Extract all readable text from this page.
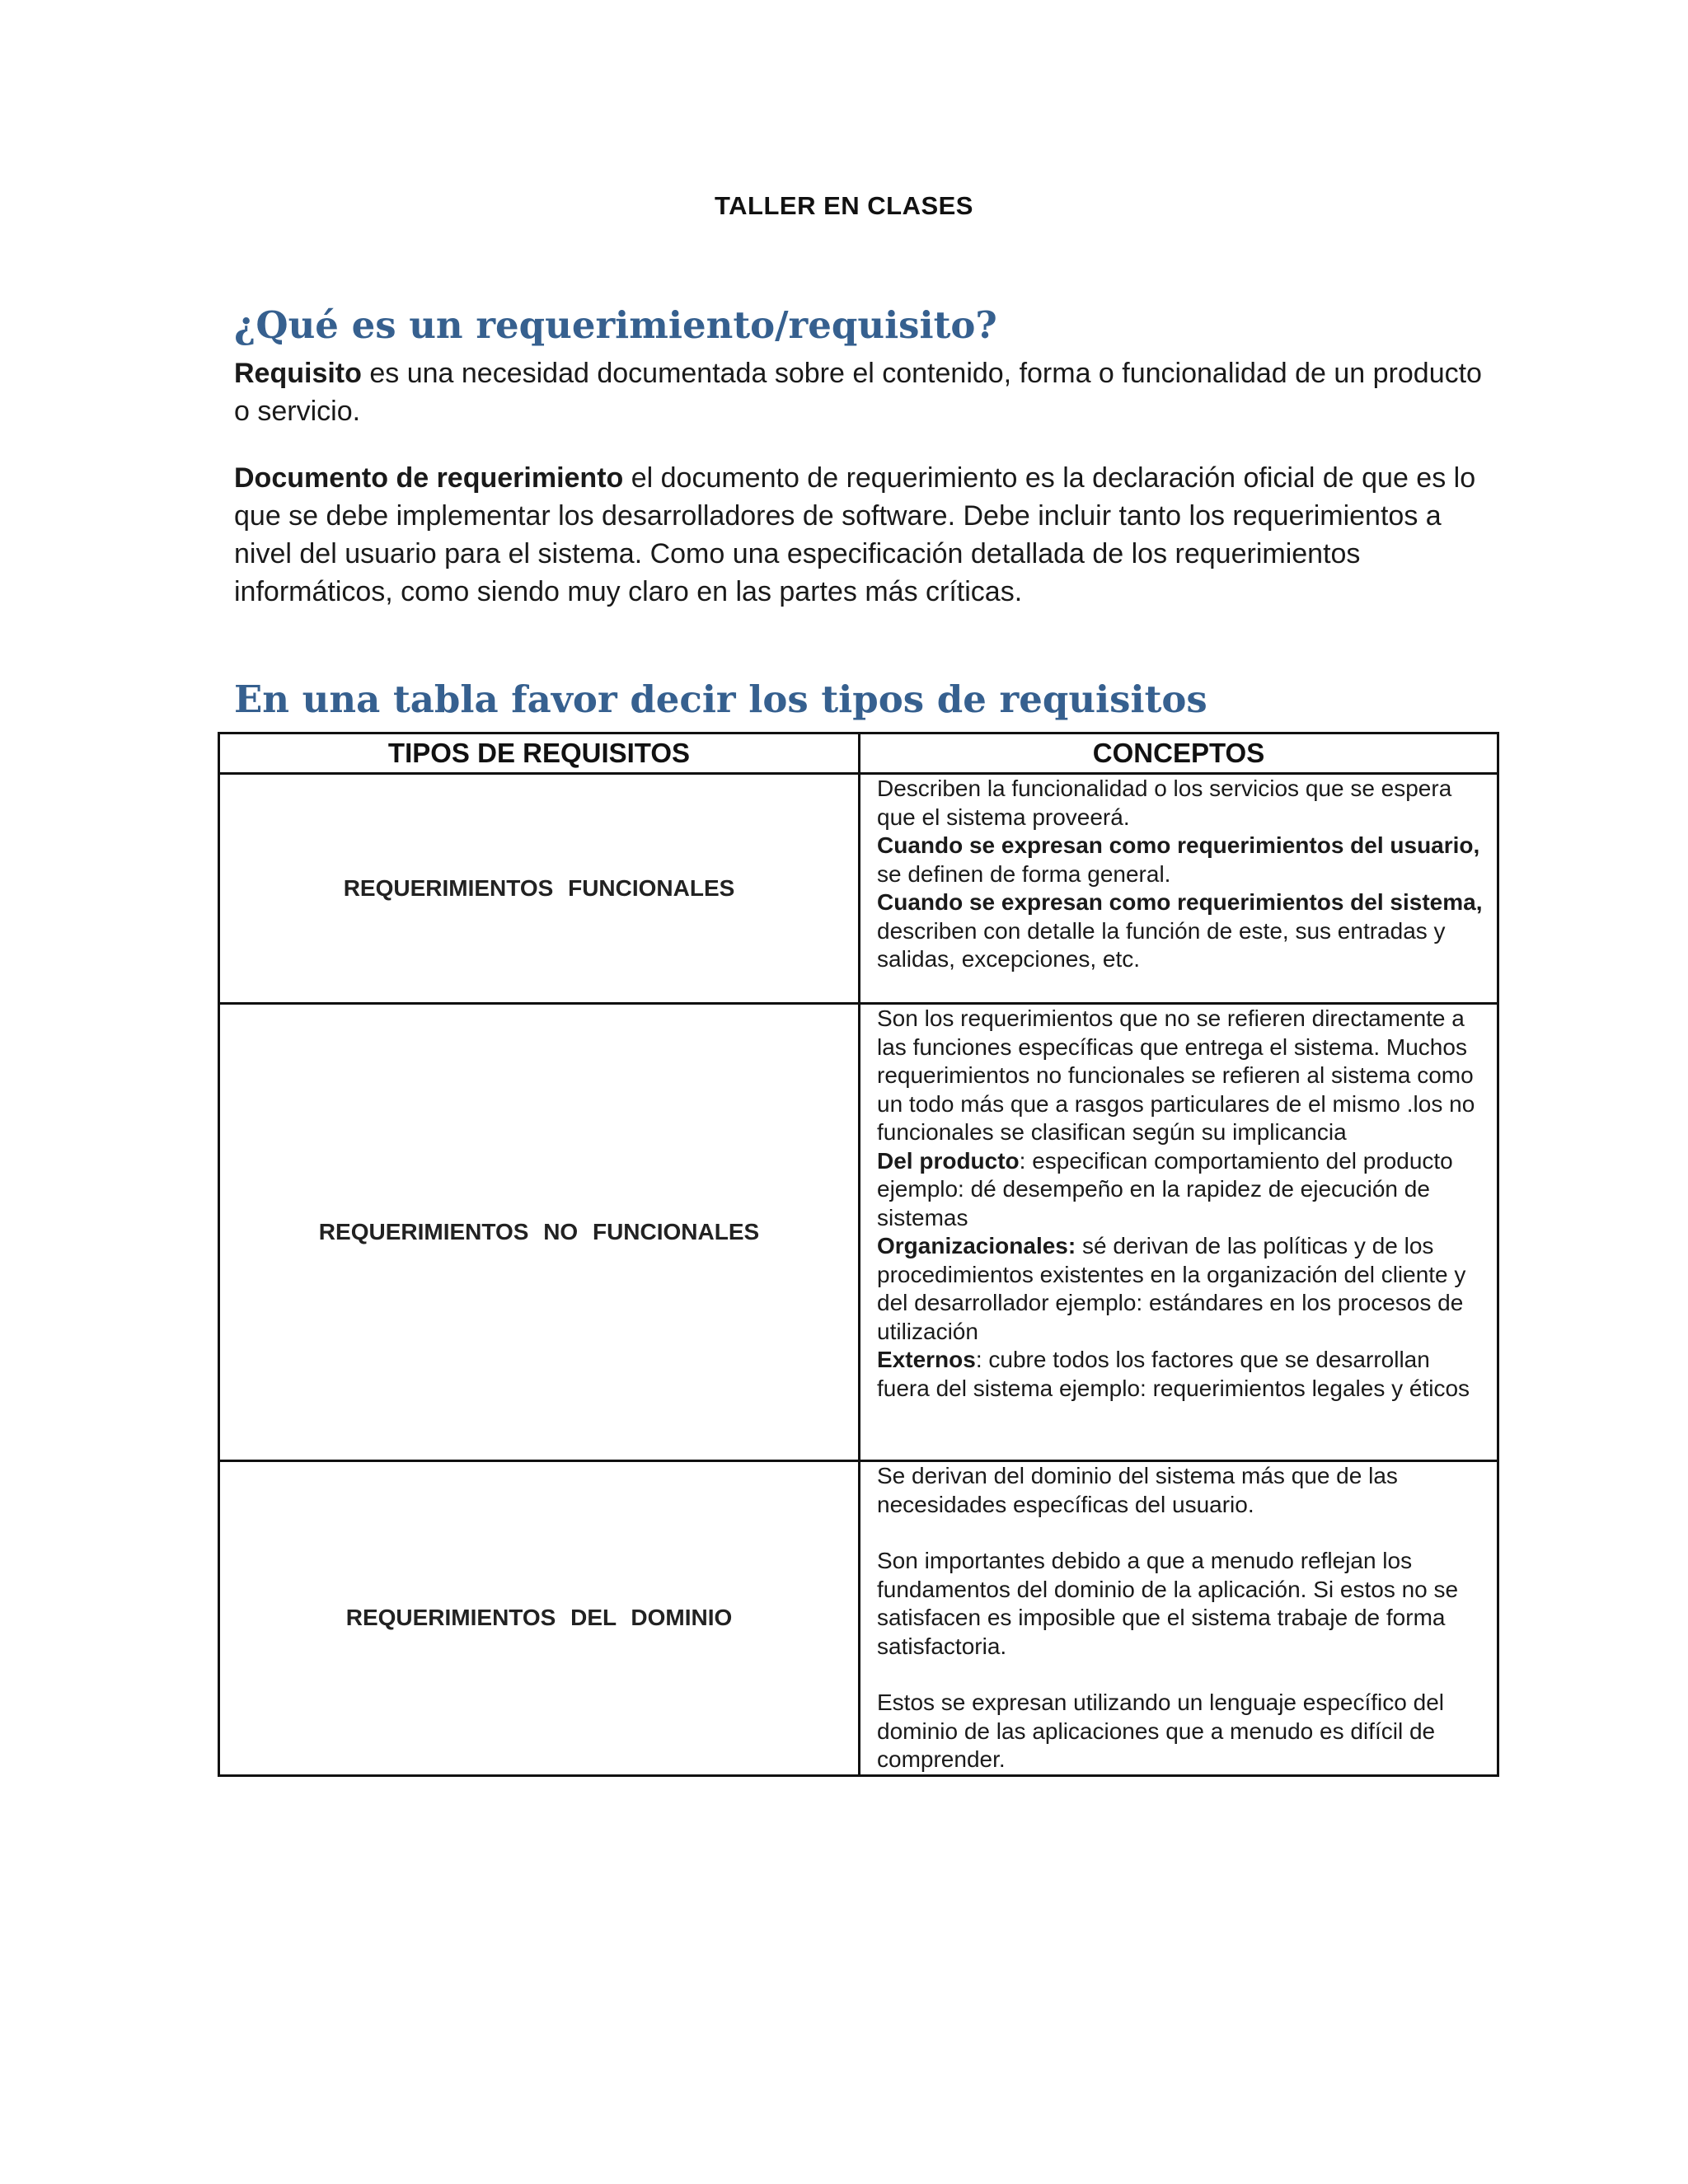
TALLER EN CLASES
¿Qué es un requerimiento/requisito?
Requisito es una necesidad documentada sobre el contenido, forma o funcionalidad de un producto o servicio.
Documento de requerimiento el documento de requerimiento es la declaración oficial de que es lo que se debe implementar los desarrolladores de software. Debe incluir tanto los requerimientos a nivel del usuario para el sistema. Como una especificación detallada de los requerimientos informáticos, como siendo muy claro en las partes más críticas.
En una tabla favor decir los tipos de requisitos
TIPOS DE REQUISITOS	CONCEPTOS
REQUERIMIENTOS FUNCIONALES	Describen la funcionalidad o los servicios que se espera que el sistema proveerá.
Cuando se expresan como requerimientos del usuario, se definen de forma general.
Cuando se expresan como requerimientos del sistema, describen con detalle la función de este, sus entradas y salidas, excepciones, etc.

REQUERIMIENTOS NO FUNCIONALES	Son los requerimientos que no se refieren directamente a las funciones específicas que entrega el sistema. Muchos requerimientos no funcionales se refieren al sistema como un todo más que a rasgos particulares de el mismo .los no funcionales se clasifican según su implicancia
Del producto: especifican comportamiento del producto ejemplo: dé desempeño en la rapidez de ejecución de sistemas
Organizacionales: sé derivan de las políticas y de los procedimientos existentes en la organización del cliente y del desarrollador ejemplo: estándares en los procesos de utilización
Externos: cubre todos los factores que se desarrollan fuera del sistema ejemplo: requerimientos legales y éticos

REQUERIMIENTOS DEL DOMINIO	Se derivan del dominio del sistema más que de las necesidades específicas del usuario.
Son importantes debido a que a menudo reflejan los fundamentos del dominio de la aplicación. Si estos no se satisfacen es imposible que el sistema trabaje de forma satisfactoria.
Estos se expresan utilizando un lenguaje específico del dominio de las aplicaciones que a menudo es difícil de comprender.
